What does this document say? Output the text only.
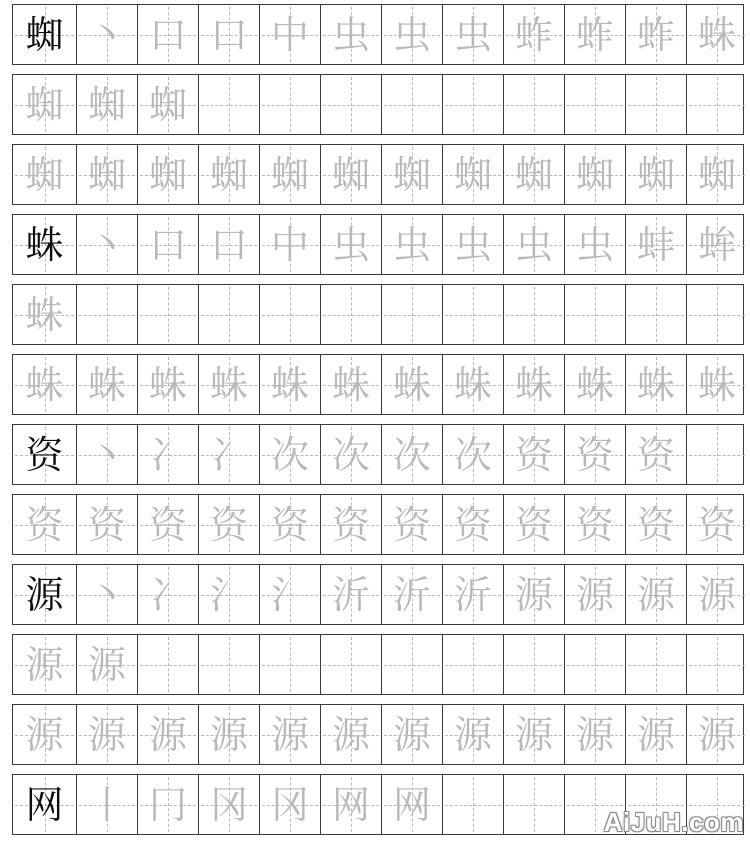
蜘 丶 口 口 中 虫 虫 虫 蚱 蚱 蚱 蛛
蜘 蜘 蜘
蜘 蜘 蜘 蜘 蜘 蜘 蜘 蜘 蜘 蜘 蜘 蜘
蛛 丶 口 口 中 虫 虫 虫 虫 虫 蚌 蛑
蛛
蛛 蛛 蛛 蛛 蛛 蛛 蛛 蛛 蛛 蛛 蛛 蛛
资 丶 冫 冫 次 次 次 次 资 资 资
资 资 资 资 资 资 资 资 资 资 资 资
源 丶 冫 氵 氵 沂 沂 沂 源 源 源 源
源 源
源 源 源 源 源 源 源 源 源 源 源 源
网 丨 冂 冈 冈 网 网	AiJuH.com
